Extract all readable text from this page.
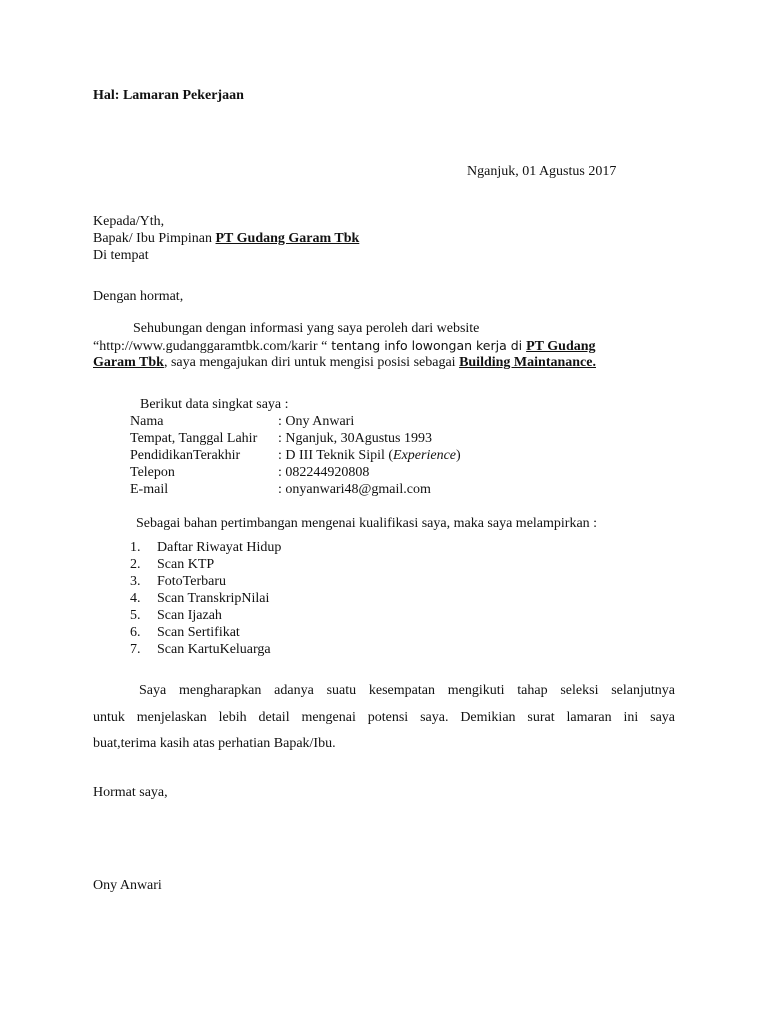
Hal: Lamaran Pekerjaan
Nganjuk, 01 Agustus 2017
Kepada/Yth,
Bapak/ Ibu Pimpinan PT Gudang Garam Tbk
Di tempat
Dengan hormat,
Sehubungan dengan informasi yang saya peroleh dari website
“http://www.gudanggaramtbk.com/karir “ tentang info lowongan kerja di PT Gudang
Garam Tbk, saya mengajukan diri untuk mengisi posisi sebagai Building Maintanance.
Berikut data singkat saya :
Nama	: Ony Anwari
Tempat, Tanggal Lahir : Nganjuk, 30Agustus 1993
PendidikanTerakhir	: D III Teknik Sipil (Experience)
Telepon	: 082244920808
E-mail	: onyanwari48@gmail.com
Sebagai bahan pertimbangan mengenai kualifikasi saya, maka saya melampirkan :
1. Daftar Riwayat Hidup
2. Scan KTP
3. FotoTerbaru
4. Scan TranskripNilai
5. Scan Ijazah
6. Scan Sertifikat
7. Scan KartuKeluarga
Saya mengharapkan adanya suatu kesempatan mengikuti tahap seleksi selanjutnya
untuk menjelaskan lebih detail mengenai potensi saya. Demikian surat lamaran ini saya
buat,terima kasih atas perhatian Bapak/Ibu.
Hormat saya,
Ony Anwari
